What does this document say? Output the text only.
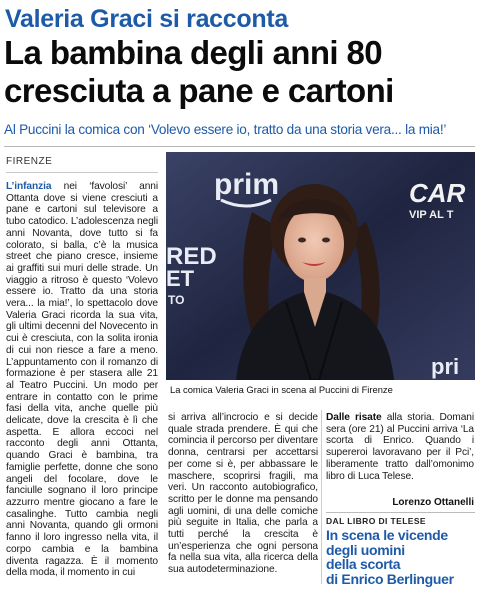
Valeria Graci si racconta
La bambina degli anni 80
cresciuta a pane e cartoni
Al Puccini la comica con ‘Volevo essere io, tratto da una storia vera... la mia!’
FIRENZE
L’infanzia nei ‘favolosi’ anni Ottanta dove si viene cresciuti a pane e cartoni sul televisore a tubo catodico. L’adolescenza negli anni Novanta, dove tutto si fa colorato, si balla, c’è la musica street che piano cresce, insieme ai graffiti sui muri delle strade. Un viaggio a ritroso è questo ‘Volevo essere io. Tratto da una storia vera... la mia!’, lo spettacolo dove Valeria Graci ricorda la sua vita, gli ultimi decenni del Novecento in cui è cresciuta, con la solita ironia di cui non riesce a fare a meno. L’appuntamento con il romanzo di formazione è per stasera alle 21 al Teatro Puccini. Un modo per entrare in contatto con le prime fasi della vita, anche quelle più delicate, dove la crescita è lì che aspetta. E allora eccoci nel racconto degli anni Ottanta, quando Graci è bambina, tra famiglie perfette, donne che sono angeli del focolare, dove le fanciulle sognano il loro principe azzurro mentre giocano a fare le casalinghe. Tutto cambia negli anni Novanta, quando gli ormoni fanno il loro ingresso nella vita, il corpo cambia e la bambina diventa ragazza. È il momento della moda, il momento in cui
prim
RED
ET
TO
CAR
VIP AL T
pri
La comica Valeria Graci in scena al Puccini di Firenze
si arriva all’incrocio e si decide quale strada prendere. È qui che comincia il percorso per diventare donna, centrarsi per accettarsi per come si è, per abbassare le maschere, scoprirsi fragili, ma veri. Un racconto autobiografico, scritto per le donne ma pensando agli uomini, di una delle comiche più seguite in Italia, che parla a tutti perché la crescita è un’esperienza che ogni persona fa nella sua vita, alla ricerca della sua autodeterminazione.
Dalle risate alla storia. Domani sera (ore 21) al Puccini arriva ‘La scorta di Enrico. Quando i supereroi lavoravano per il Pci’, liberamente tratto dall’omonimo libro di Luca Telese.
Lorenzo Ottanelli
DAL LIBRO DI TELESE
In scena le vicende
degli uomini
della scorta
di Enrico Berlinguer
